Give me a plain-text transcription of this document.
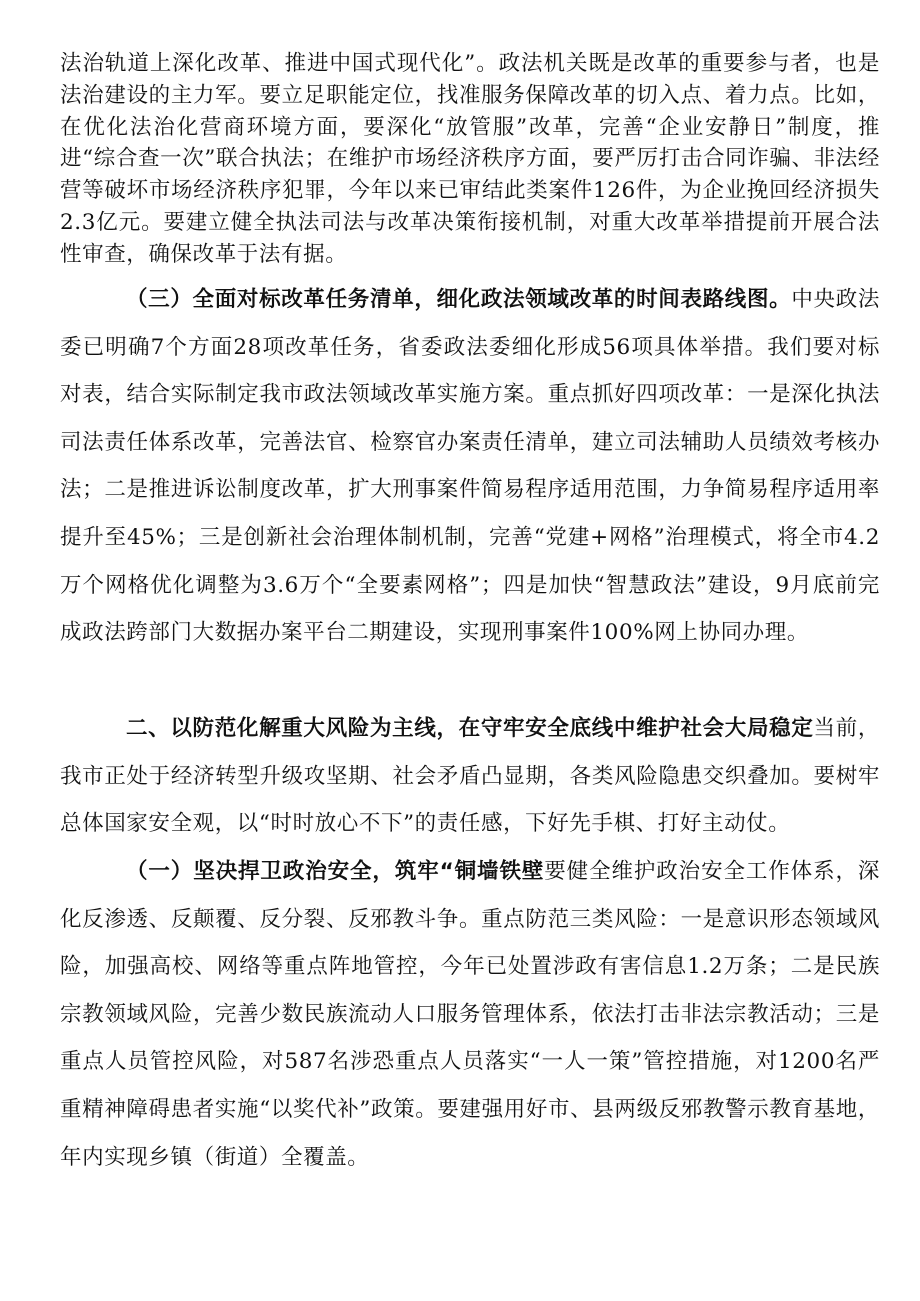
法治轨道上深化改革、推进中国式现代化”。政法机关既是改革的重要参与者，也是法治建设的主力军。要立足职能定位，找准服务保障改革的切入点、着力点。比如，在优化法治化营商环境方面，要深化“放管服”改革，完善“企业安静日”制度，推进“综合查一次”联合执法；在维护市场经济秩序方面，要严厉打击合同诈骗、非法经营等破坏市场经济秩序犯罪，今年以来已审结此类案件126件，为企业挽回经济损失2.3亿元。要建立健全执法司法与改革决策衔接机制，对重大改革举措提前开展合法性审查，确保改革于法有据。

（三）全面对标改革任务清单，细化政法领域改革的时间表路线图。中央政法委已明确7个方面28项改革任务，省委政法委细化形成56项具体举措。我们要对标对表，结合实际制定我市政法领域改革实施方案。重点抓好四项改革：一是深化执法司法责任体系改革，完善法官、检察官办案责任清单，建立司法辅助人员绩效考核办法；二是推进诉讼制度改革，扩大刑事案件简易程序适用范围，力争简易程序适用率提升至45%；三是创新社会治理体制机制，完善“党建+网格”治理模式，将全市4.2万个网格优化调整为3.6万个“全要素网格”；四是加快“智慧政法”建设，9月底前完成政法跨部门大数据办案平台二期建设，实现刑事案件100%网上协同办理。

二、以防范化解重大风险为主线，在守牢安全底线中维护社会大局稳定当前，我市正处于经济转型升级攻坚期、社会矛盾凸显期，各类风险隐患交织叠加。要树牢总体国家安全观，以“时时放心不下”的责任感，下好先手棋、打好主动仗。

（一）坚决捍卫政治安全，筑牢“铜墙铁壁要健全维护政治安全工作体系，深化反渗透、反颠覆、反分裂、反邪教斗争。重点防范三类风险：一是意识形态领域风险，加强高校、网络等重点阵地管控，今年已处置涉政有害信息1.2万条；二是民族宗教领域风险，完善少数民族流动人口服务管理体系，依法打击非法宗教活动；三是重点人员管控风险，对587名涉恐重点人员落实“一人一策”管控措施，对1200名严重精神障碍患者实施“以奖代补”政策。要建强用好市、县两级反邪教警示教育基地，年内实现乡镇（街道）全覆盖。
